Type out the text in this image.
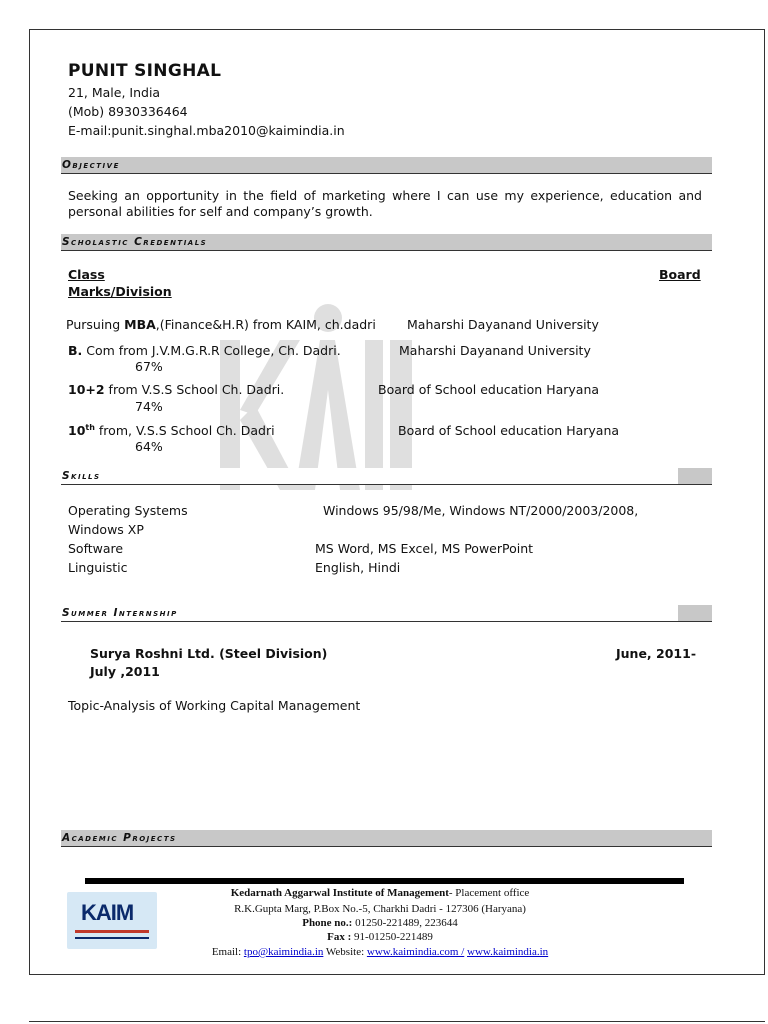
PUNIT SINGHAL
21, Male, India
(Mob) 8930336464
E-mail:punit.singhal.mba2010@kaimindia.in
Objective
Seeking an opportunity in the field of marketing where I can use my experience, education and personal abilities for self and company’s growth.
Scholastic Credentials
Class	Board
Marks/Division
Pursuing MBA,(Finance&H.R) from KAIM, ch.dadri Maharshi Dayanand University
B. Com from J.V.M.G.R.R College, Ch. Dadri.	Maharshi Dayanand University
67%
10+2 from V.S.S School Ch. Dadri.	Board of School education Haryana
74%
10th from, V.S.S School Ch. Dadri	Board of School education Haryana
64%
Skills
Operating Systems	Windows 95/98/Me, Windows NT/2000/2003/2008,
Windows XP
Software	MS Word, MS Excel, MS PowerPoint
Linguistic	English, Hindi
Summer Internship
Surya Roshni Ltd. (Steel Division)	June, 2011-
July ,2011
Topic-Analysis of Working Capital Management
Academic Projects
KAIM
Kedarnath Aggarwal Institute of Management- Placement office
R.K.Gupta Marg, P.Box No.-5, Charkhi Dadri - 127306 (Haryana)
Phone no.: 01250-221489, 223644
Fax : 91-01250-221489
Email: tpo@kaimindia.in Website: www.kaimindia.com / www.kaimindia.in
